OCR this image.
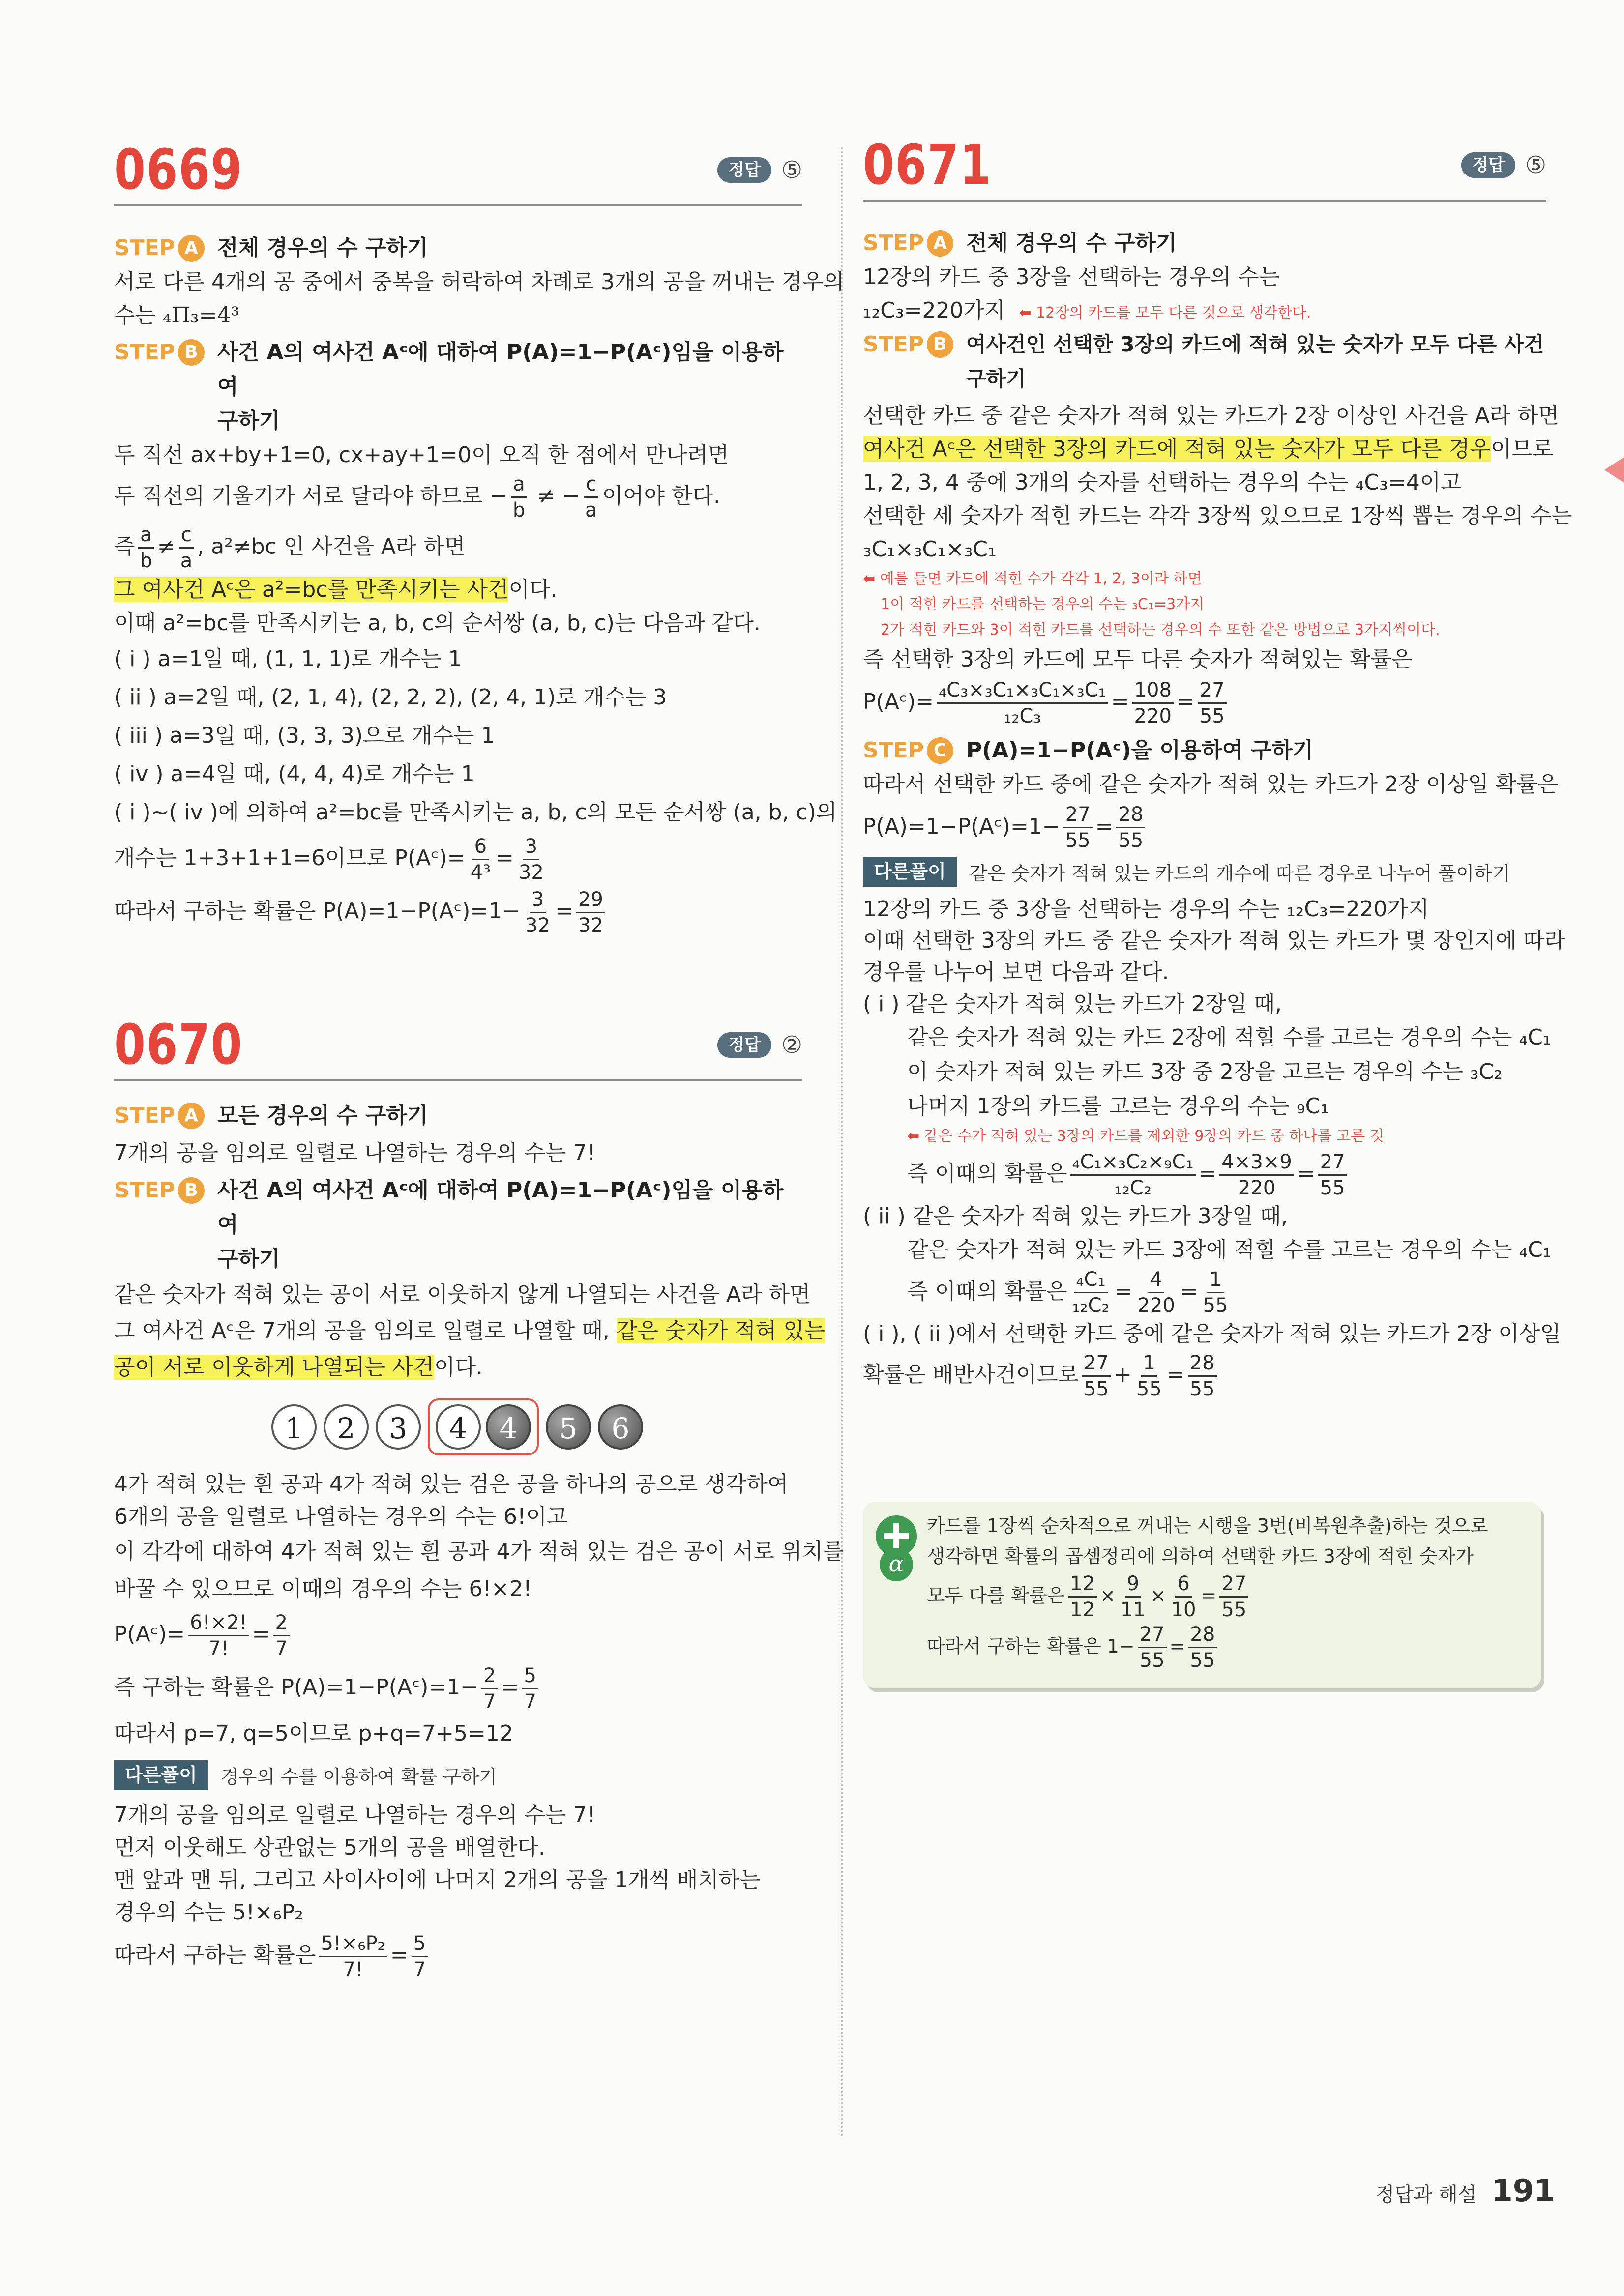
0669	정답 ⑤
STEP A 전체 경우의 수 구하기

서로 다른 4개의 공 중에서 중복을 허락하여 차례로 3개의 공을 꺼내는 경우의

수는 ₄Π₃=4³

STEP B 사건 A의 여사건 Aᶜ에 대하여 P(A)=1−P(Aᶜ)임을 이용하여
구하기

두 직선 ax+by+1=0, cx+ay+1=0이 오직 한 점에서 만나려면

두 직선의 기울기가 서로 달라야 하므로 − $\frac{a}{b}$ ≠ − $\frac{c}{a}$ 이어야 한다.

즉 $\frac{a}{b} \ne \frac{c}{a}$ , a²≠bc 인 사건을 A라 하면

그 여사건 Aᶜ은 a²=bc를 만족시키는 사건이다.

이때 a²=bc를 만족시키는 a, b, c의 순서쌍 (a, b, c)는 다음과 같다.

( i ) a=1일 때, (1, 1, 1)로 개수는 1

( ii ) a=2일 때, (2, 1, 4), (2, 2, 2), (2, 4, 1)로 개수는 3

( iii ) a=3일 때, (3, 3, 3)으로 개수는 1

( iv ) a=4일 때, (4, 4, 4)로 개수는 1

( i )~( iv )에 의하여 a²=bc를 만족시키는 a, b, c의 모든 순서쌍 (a, b, c)의

개수는 1+3+1+1=6이므로 P(Aᶜ)= $\frac{6}{\text{4³}} = \frac{3}{32}$

따라서 구하는 확률은 P(A)=1−P(Aᶜ)=1− $\frac{3}{32} = \frac{29}{32}$

0670	정답 ②
STEP A 모든 경우의 수 구하기

7개의 공을 임의로 일렬로 나열하는 경우의 수는 7!

STEP B 사건 A의 여사건 Aᶜ에 대하여 P(A)=1−P(Aᶜ)임을 이용하여
구하기

같은 숫자가 적혀 있는 공이 서로 이웃하지 않게 나열되는 사건을 A라 하면

그 여사건 Aᶜ은 7개의 공을 임의로 일렬로 나열할 때, 같은 숫자가 적혀 있는

공이 서로 이웃하게 나열되는 사건이다.

1	2	3	4	4	5	6

4가 적혀 있는 흰 공과 4가 적혀 있는 검은 공을 하나의 공으로 생각하여

6개의 공을 일렬로 나열하는 경우의 수는 6!이고

이 각각에 대하여 4가 적혀 있는 흰 공과 4가 적혀 있는 검은 공이 서로 위치를

바꿀 수 있으므로 이때의 경우의 수는 6!×2!

P(Aᶜ)= $\frac{6!\times 2!}{7!} = \frac{2}{7}$

즉 구하는 확률은 P(A)=1−P(Aᶜ)=1− $\frac{2}{7} = \frac{5}{7}$

따라서 p=7, q=5이므로 p+q=7+5=12

다른풀이	경우의 수를 이용하여 확률 구하기

7개의 공을 임의로 일렬로 나열하는 경우의 수는 7!

먼저 이웃해도 상관없는 5개의 공을 배열한다.

맨 앞과 맨 뒤, 그리고 사이사이에 나머지 2개의 공을 1개씩 배치하는

경우의 수는 5!×₆P₂

따라서 구하는 확률은 $\frac{\text{5!×₆P₂}}{7!} = \frac{5}{7}$

0671	정답 ⑤
STEP A 전체 경우의 수 구하기

12장의 카드 중 3장을 선택하는 경우의 수는

₁₂C₃=220가지 ⬅ 12장의 카드를 모두 다른 것으로 생각한다.

STEP B 여사건인 선택한 3장의 카드에 적혀 있는 숫자가 모두 다른 사건
구하기

선택한 카드 중 같은 숫자가 적혀 있는 카드가 2장 이상인 사건을 A라 하면

여사건 Aᶜ은 선택한 3장의 카드에 적혀 있는 숫자가 모두 다른 경우이므로

1, 2, 3, 4 중에 3개의 숫자를 선택하는 경우의 수는 ₄C₃=4이고

선택한 세 숫자가 적힌 카드는 각각 3장씩 있으므로 1장씩 뽑는 경우의 수는

₃C₁×₃C₁×₃C₁

⬅ 예를 들면 카드에 적힌 수가 각각 1, 2, 3이라 하면
1이 적힌 카드를 선택하는 경우의 수는 ₃C₁=3가지
2가 적힌 카드와 3이 적힌 카드를 선택하는 경우의 수 또한 같은 방법으로 3가지씩이다.

즉 선택한 3장의 카드에 모두 다른 숫자가 적혀있는 확률은

P(Aᶜ)= $\frac{\text{₄C₃×₃C₁×₃C₁×₃C₁}}{\text{₁₂C₃}} = \frac{108}{220} = \frac{27}{55}$

STEP C P(A)=1−P(Aᶜ)을 이용하여 구하기

따라서 선택한 카드 중에 같은 숫자가 적혀 있는 카드가 2장 이상일 확률은

P(A)=1−P(Aᶜ)=1− $\frac{27}{55} = \frac{28}{55}$

다른풀이	같은 숫자가 적혀 있는 카드의 개수에 따른 경우로 나누어 풀이하기

12장의 카드 중 3장을 선택하는 경우의 수는 ₁₂C₃=220가지

이때 선택한 3장의 카드 중 같은 숫자가 적혀 있는 카드가 몇 장인지에 따라

경우를 나누어 보면 다음과 같다.

( i ) 같은 숫자가 적혀 있는 카드가 2장일 때,

같은 숫자가 적혀 있는 카드 2장에 적힐 수를 고르는 경우의 수는 ₄C₁

이 숫자가 적혀 있는 카드 3장 중 2장을 고르는 경우의 수는 ₃C₂

나머지 1장의 카드를 고르는 경우의 수는 ₉C₁

⬅ 같은 수가 적혀 있는 3장의 카드를 제외한 9장의 카드 중 하나를 고른 것

즉 이때의 확률은 $\frac{\text{₄C₁×₃C₂×₉C₁}}{\text{₁₂C₂}} = \frac{4\times 3\times 9}{220} = \frac{27}{55}$

( ii ) 같은 숫자가 적혀 있는 카드가 3장일 때,

같은 숫자가 적혀 있는 카드 3장에 적힐 수를 고르는 경우의 수는 ₄C₁

즉 이때의 확률은 $\frac{\text{₄C₁}}{\text{₁₂C₂}} = \frac{4}{220} = \frac{1}{55}$

( i ), ( ii )에서 선택한 카드 중에 같은 숫자가 적혀 있는 카드가 2장 이상일

확률은 배반사건이므로 $\frac{27}{55} + \frac{1}{55} = \frac{28}{55}$

α

카드를 1장씩 순차적으로 꺼내는 시행을 3번(비복원추출)하는 것으로

생각하면 확률의 곱셈정리에 의하여 선택한 카드 3장에 적힌 숫자가

모두 다를 확률은 $\frac{12}{12} \times \frac{9}{11} \times \frac{6}{10} = \frac{27}{55}$

따라서 구하는 확률은 $1- \frac{27}{55} = \frac{28}{55}$

정답과 해설 191
